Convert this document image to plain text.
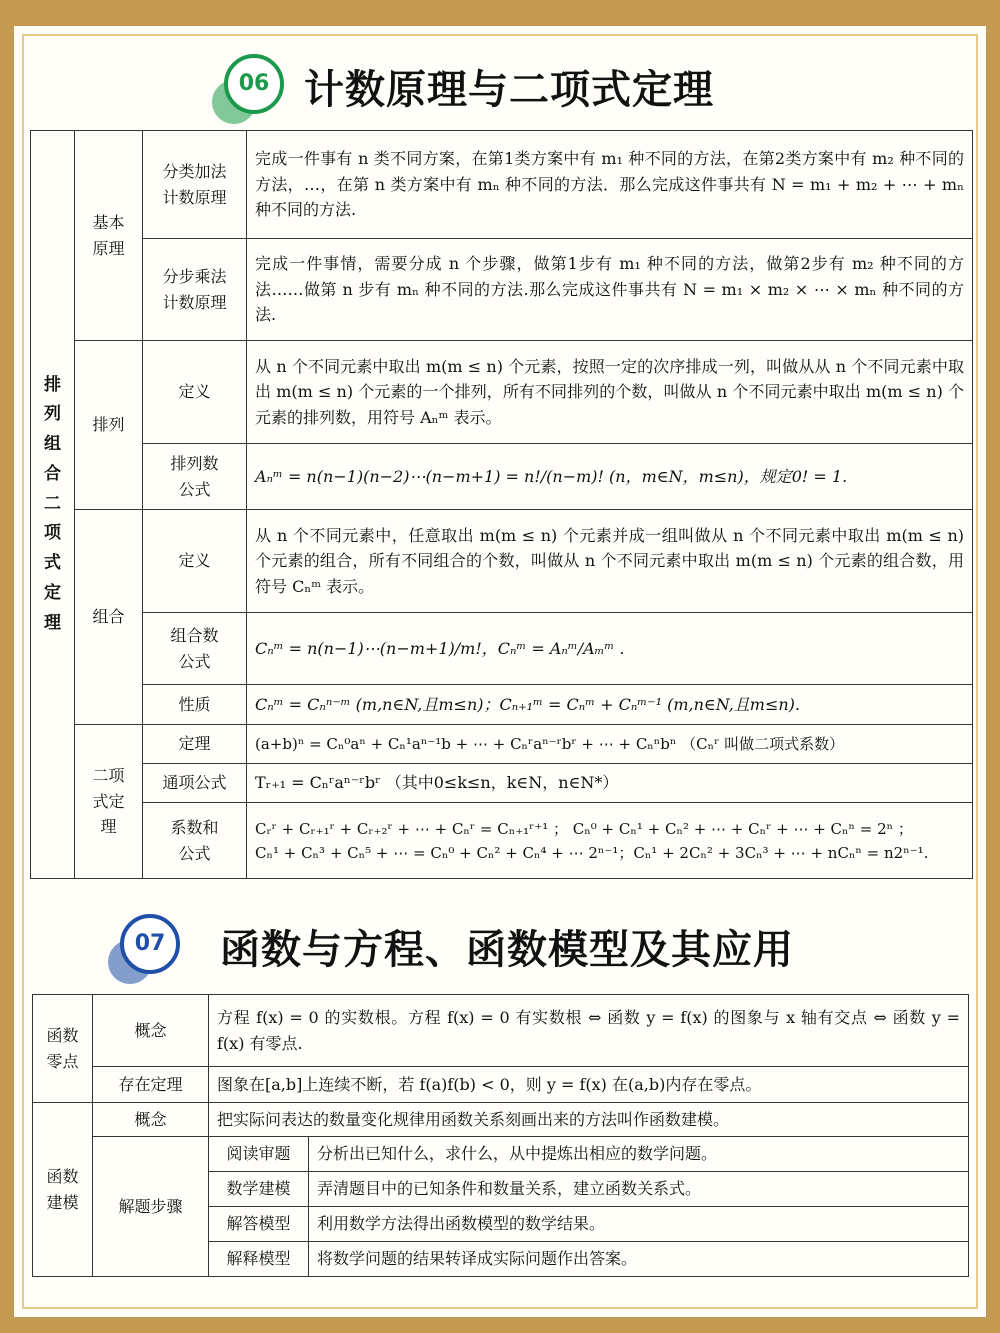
06 计数原理与二项式定理
排列组合二项式定理	基本原理	分类加法计数原理	完成一件事有 n 类不同方案，在第1类方案中有 m₁ 种不同的方法，在第2类方案中有 m₂ 种不同的方法，…，在第 n 类方案中有 mₙ 种不同的方法．那么完成这件事共有 N = m₁ + m₂ + ⋯ + mₙ 种不同的方法.
		分步乘法计数原理	完成一件事情，需要分成 n 个步骤，做第1步有 m₁ 种不同的方法，做第2步有 m₂ 种不同的方法……做第 n 步有 mₙ 种不同的方法.那么完成这件事共有 N = m₁ × m₂ × ⋯ × mₙ 种不同的方法.
	排列	定义	从 n 个不同元素中取出 m(m ≤ n) 个元素，按照一定的次序排成一列，叫做从从 n 个不同元素中取出 m(m ≤ n) 个元素的一个排列，所有不同排列的个数，叫做从 n 个不同元素中取出 m(m ≤ n) 个元素的排列数，用符号 Aₙᵐ 表示。
		排列数公式	Aₙᵐ = n(n−1)(n−2)⋯(n−m+1) = n!/(n−m)! (n，m∈N，m≤n)，规定0! = 1.
	组合	定义	从 n 个不同元素中，任意取出 m(m ≤ n) 个元素并成一组叫做从 n 个不同元素中取出 m(m ≤ n) 个元素的组合，所有不同组合的个数，叫做从 n 个不同元素中取出 m(m ≤ n) 个元素的组合数，用符号 Cₙᵐ 表示。
		组合数公式	Cₙᵐ = n(n−1)⋯(n−m+1)/m!，Cₙᵐ = Aₙᵐ/Aₘᵐ .
		性质	Cₙᵐ = Cₙⁿ⁻ᵐ (m,n∈N,且m≤n)；Cₙ₊₁ᵐ = Cₙᵐ + Cₙᵐ⁻¹ (m,n∈N,且m≤n).
	二项式定理	定理	(a+b)ⁿ = Cₙ⁰aⁿ + Cₙ¹aⁿ⁻¹b + ⋯ + Cₙʳaⁿ⁻ʳbʳ + ⋯ + Cₙⁿbⁿ （Cₙʳ 叫做二项式系数）
		通项公式	Tᵣ₊₁ = Cₙʳaⁿ⁻ʳbʳ （其中0≤k≤n，k∈N，n∈N*）
		系数和公式	Cᵣʳ + Cᵣ₊₁ʳ + Cᵣ₊₂ʳ + ⋯ + Cₙʳ = Cₙ₊₁ʳ⁺¹ ； Cₙ⁰ + Cₙ¹ + Cₙ² + ⋯ + Cₙʳ + ⋯ + Cₙⁿ = 2ⁿ ；
Cₙ¹ + Cₙ³ + Cₙ⁵ + ⋯ = Cₙ⁰ + Cₙ² + Cₙ⁴ + ⋯ 2ⁿ⁻¹；Cₙ¹ + 2Cₙ² + 3Cₙ³ + ⋯ + nCₙⁿ = n2ⁿ⁻¹.
07	函数与方程、函数模型及其应用
函数零点	概念	方程 f(x) = 0 的实数根。方程 f(x) = 0 有实数根 ⇔ 函数 y = f(x) 的图象与 x 轴有交点 ⇔ 函数 y = f(x) 有零点.	
	存在定理	图象在[a,b]上连续不断，若 f(a)f(b) < 0，则 y = f(x) 在(a,b)内存在零点。	
函数建模	概念	把实际问表达的数量变化规律用函数关系刻画出来的方法叫作函数建模。	
	解题步骤	阅读审题	分析出已知什么，求什么，从中提炼出相应的数学问题。
		数学建模	弄清题目中的已知条件和数量关系，建立函数关系式。
		解答模型	利用数学方法得出函数模型的数学结果。
		解释模型	将数学问题的结果转译成实际问题作出答案。
